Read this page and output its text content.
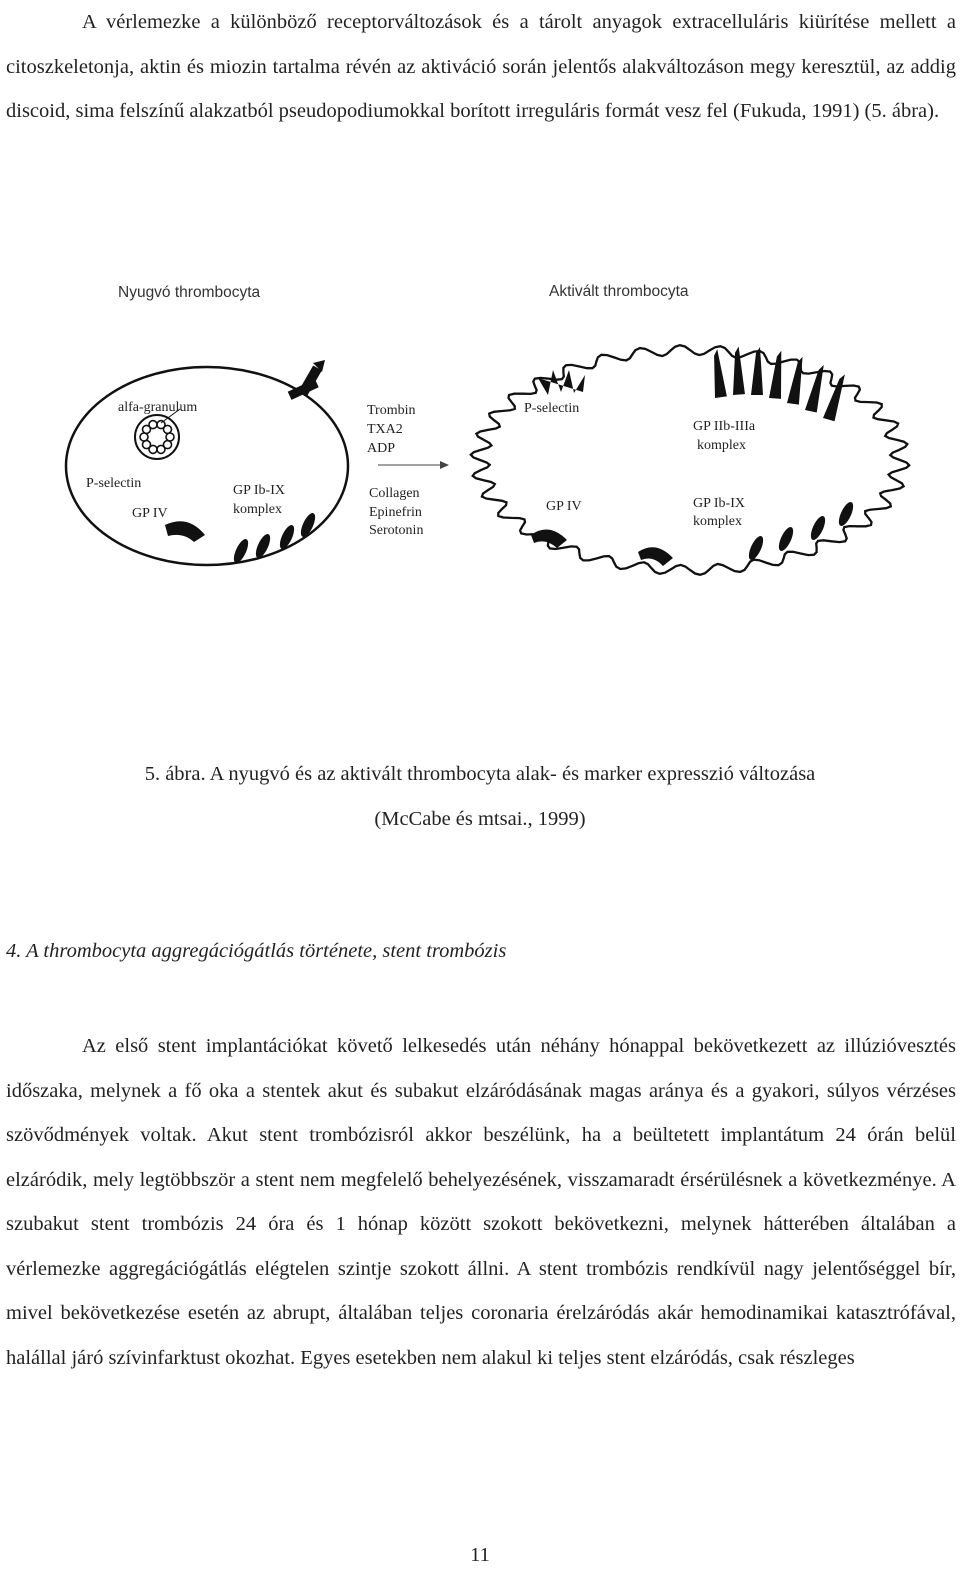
A vérlemezke a különböző receptorváltozások és a tárolt anyagok extracelluláris kiürítése mellett a citoszkeletonja, aktin és miozin tartalma révén az aktiváció során jelentős alakváltozáson megy keresztül, az addig discoid, sima felszínű alakzatból pseudopodiumokkal borított irreguláris formát vesz fel (Fukuda, 1991) (5. ábra).

Nyugvó thrombocyta	Aktivált thrombocyta
alfa-granulum
P-selectin
GP IV
GP Ib-IX
komplex
Trombin
TXA2
ADP
Collagen
Epinefrin
Serotonin
P-selectin
GP IIb-IIIa
komplex
GP IV	GP Ib-IX
komplex

5. ábra. A nyugvó és az aktivált thrombocyta alak- és marker expresszió változása

(McCabe és mtsai., 1999)

4. A thrombocyta aggregációgátlás története, stent trombózis

Az első stent implantációkat követő lelkesedés után néhány hónappal bekövetkezett az illúzióvesztés időszaka, melynek a fő oka a stentek akut és subakut elzáródásának magas aránya és a gyakori, súlyos vérzéses szövődmények voltak. Akut stent trombózisról akkor beszélünk, ha a beültetett implantátum 24 órán belül elzáródik, mely legtöbbször a stent nem megfelelő behelyezésének, visszamaradt érsérülésnek a következménye. A szubakut stent trombózis 24 óra és 1 hónap között szokott bekövetkezni, melynek hátterében általában a vérlemezke aggregációgátlás elégtelen szintje szokott állni. A stent trombózis rendkívül nagy jelentőséggel bír, mivel bekövetkezése esetén az abrupt, általában teljes coronaria érelzáródás akár hemodinamikai katasztrófával, halállal járó szívinfarktust okozhat. Egyes esetekben nem alakul ki teljes stent elzáródás, csak részleges

11
